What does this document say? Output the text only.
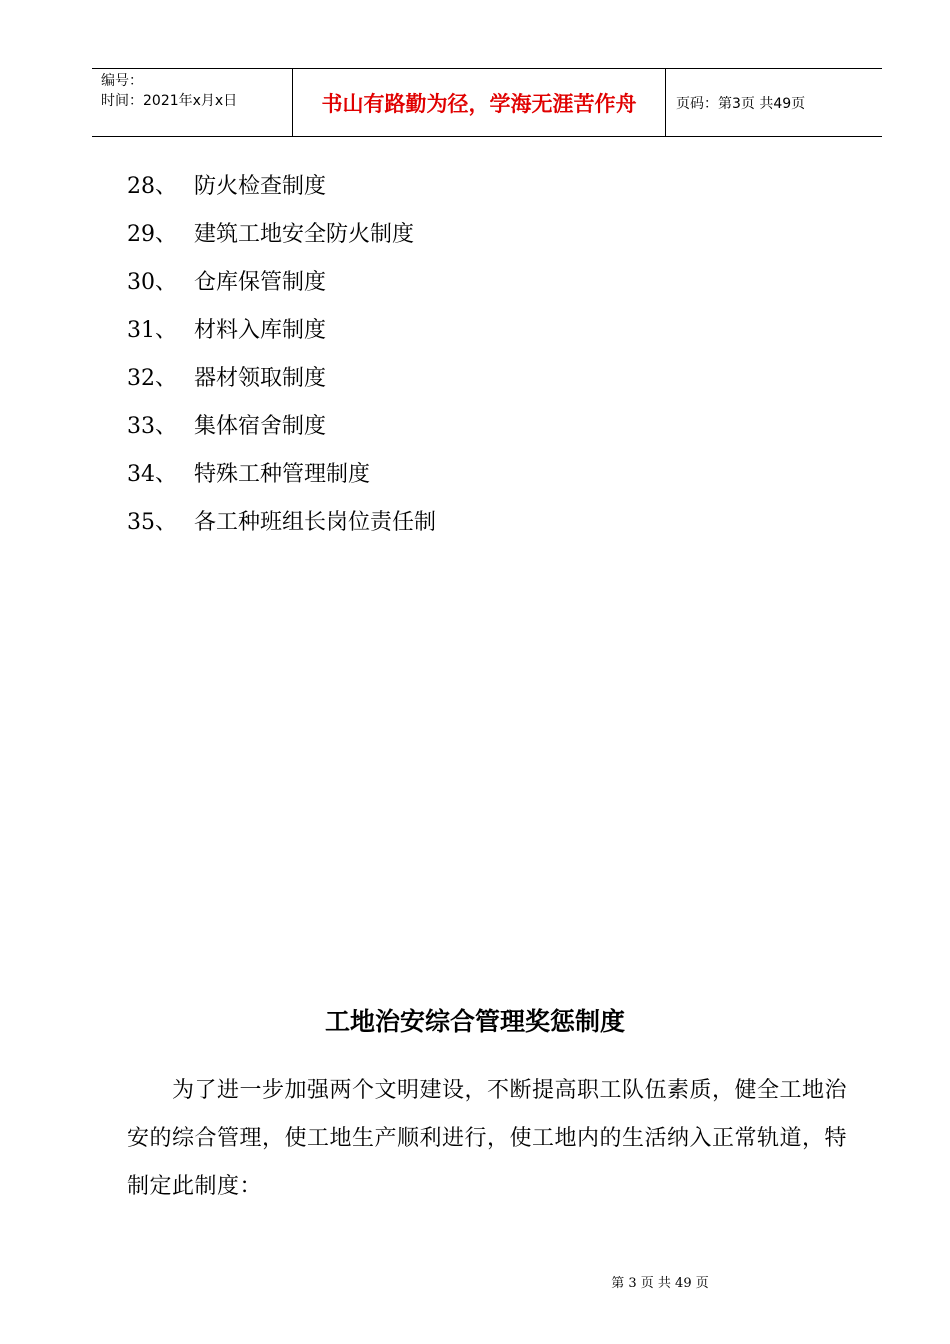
编号：
时间：2021年x月x日	书山有路勤为径，学海无涯苦作舟	页码：第3页 共49页
28、 防火检查制度
29、 建筑工地安全防火制度
30、 仓库保管制度
31、 材料入库制度
32、 器材领取制度
33、 集体宿舍制度
34、 特殊工种管理制度
35、 各工种班组长岗位责任制
工地治安综合管理奖惩制度
为了进一步加强两个文明建设，不断提高职工队伍素质，健全工地治安的综合管理，使工地生产顺利进行，使工地内的生活纳入正常轨道，特制定此制度：
第 3 页 共 49 页
